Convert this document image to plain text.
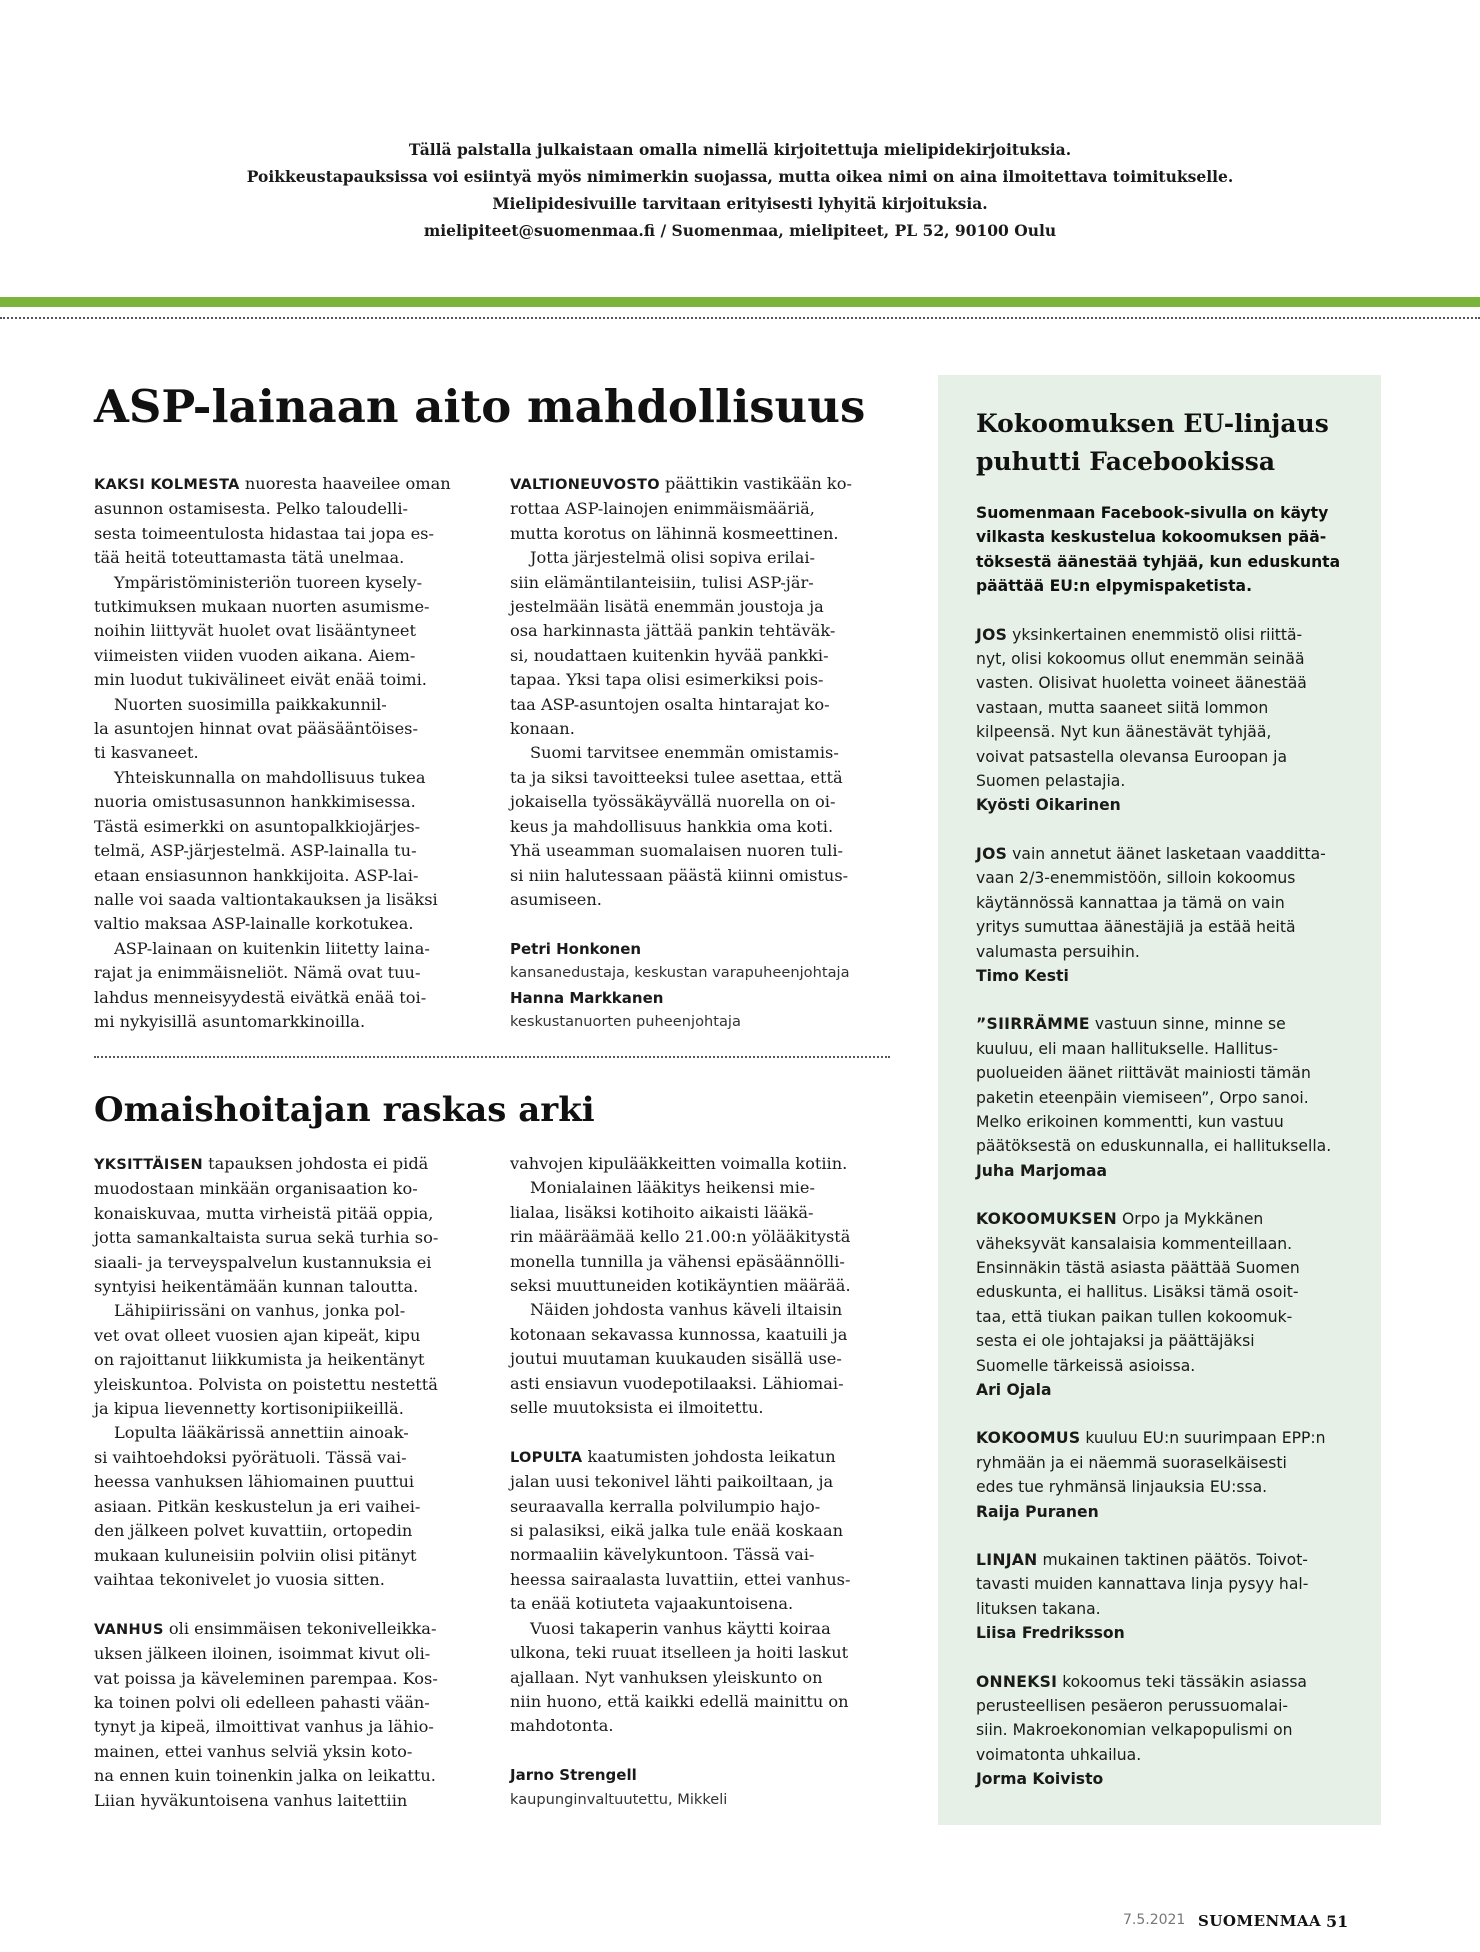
Tällä palstalla julkaistaan omalla nimellä kirjoitettuja mielipidekirjoituksia.
Poikkeustapauksissa voi esiintyä myös nimimerkin suojassa, mutta oikea nimi on aina ilmoitettava toimitukselle.
Mielipidesivuille tarvitaan erityisesti lyhyitä kirjoituksia.
mielipiteet@suomenmaa.fi / Suomenmaa, mielipiteet, PL 52, 90100 Oulu
ASP-lainaan aito mahdollisuus

KAKSI KOLMESTA nuoresta haaveilee oman

asunnon ostamisesta. Pelko taloudelli-

sesta toimeentulosta hidastaa tai jopa es-

tää heitä toteuttamasta tätä unelmaa.

Ympäristöministeriön tuoreen kysely-

tutkimuksen mukaan nuorten asumisme-

noihin liittyvät huolet ovat lisääntyneet

viimeisten viiden vuoden aikana. Aiem-

min luodut tukivälineet eivät enää toimi.

Nuorten suosimilla paikkakunnil-

la asuntojen hinnat ovat pääsääntöises-

ti kasvaneet.

Yhteiskunnalla on mahdollisuus tukea

nuoria omistusasunnon hankkimisessa.

Tästä esimerkki on asuntopalkkiojärjes-

telmä, ASP-järjestelmä. ASP-lainalla tu-

etaan ensiasunnon hankkijoita. ASP-lai-

nalle voi saada valtiontakauksen ja lisäksi

valtio maksaa ASP-lainalle korkotukea.

ASP-lainaan on kuitenkin liitetty laina-

rajat ja enimmäisneliöt. Nämä ovat tuu-

lahdus menneisyydestä eivätkä enää toi-

mi nykyisillä asuntomarkkinoilla.

VALTIONEUVOSTO päättikin vastikään ko-

rottaa ASP-lainojen enimmäismääriä,

mutta korotus on lähinnä kosmeettinen.

Jotta järjestelmä olisi sopiva erilai-

siin elämäntilanteisiin, tulisi ASP-jär-

jestelmään lisätä enemmän joustoja ja

osa harkinnasta jättää pankin tehtäväk-

si, noudattaen kuitenkin hyvää pankki-

tapaa. Yksi tapa olisi esimerkiksi pois-

taa ASP-asuntojen osalta hintarajat ko-

konaan.

Suomi tarvitsee enemmän omistamis-

ta ja siksi tavoitteeksi tulee asettaa, että

jokaisella työssäkäyvällä nuorella on oi-

keus ja mahdollisuus hankkia oma koti.

Yhä useamman suomalaisen nuoren tuli-

si niin halutessaan päästä kiinni omistus-

asumiseen.

Petri Honkonen

kansanedustaja, keskustan varapuheenjohtaja

Hanna Markkanen

keskustanuorten puheenjohtaja

Omaishoitajan raskas arki

YKSITTÄISEN tapauksen johdosta ei pidä

muodostaan minkään organisaation ko-

konaiskuvaa, mutta virheistä pitää oppia,

jotta samankaltaista surua sekä turhia so-

siaali- ja terveyspalvelun kustannuksia ei

syntyisi heikentämään kunnan taloutta.

Lähipiirissäni on vanhus, jonka pol-

vet ovat olleet vuosien ajan kipeät, kipu

on rajoittanut liikkumista ja heikentänyt

yleiskuntoa. Polvista on poistettu nestettä

ja kipua lievennetty kortisonipiikeillä.

Lopulta lääkärissä annettiin ainoak-

si vaihtoehdoksi pyörätuoli. Tässä vai-

heessa vanhuksen lähiomainen puuttui

asiaan. Pitkän keskustelun ja eri vaihei-

den jälkeen polvet kuvattiin, ortopedin

mukaan kuluneisiin polviin olisi pitänyt

vaihtaa tekonivelet jo vuosia sitten.

VANHUS oli ensimmäisen tekonivelleikka-

uksen jälkeen iloinen, isoimmat kivut oli-

vat poissa ja käveleminen parempaa. Kos-

ka toinen polvi oli edelleen pahasti vään-

tynyt ja kipeä, ilmoittivat vanhus ja lähio-

mainen, ettei vanhus selviä yksin koto-

na ennen kuin toinenkin jalka on leikattu.

Liian hyväkuntoisena vanhus laitettiin

vahvojen kipulääkkeitten voimalla kotiin.

Monialainen lääkitys heikensi mie-

lialaa, lisäksi kotihoito aikaisti lääkä-

rin määräämää kello 21.00:n yölääkitystä

monella tunnilla ja vähensi epäsäännölli-

seksi muuttuneiden kotikäyntien määrää.

Näiden johdosta vanhus käveli iltaisin

kotonaan sekavassa kunnossa, kaatuili ja

joutui muutaman kuukauden sisällä use-

asti ensiavun vuodepotilaaksi. Lähiomai-

selle muutoksista ei ilmoitettu.

LOPULTA kaatumisten johdosta leikatun

jalan uusi tekonivel lähti paikoiltaan, ja

seuraavalla kerralla polvilumpio hajo-

si palasiksi, eikä jalka tule enää koskaan

normaaliin kävelykuntoon. Tässä vai-

heessa sairaalasta luvattiin, ettei vanhus-

ta enää kotiuteta vajaakuntoisena.

Vuosi takaperin vanhus käytti koiraa

ulkona, teki ruuat itselleen ja hoiti laskut

ajallaan. Nyt vanhuksen yleiskunto on

niin huono, että kaikki edellä mainittu on

mahdotonta.

Jarno Strengell

kaupunginvaltuutettu, Mikkeli

Kokoomuksen EU-linjaus
puhutti Facebookissa
Suomenmaan Facebook-sivulla on käyty
vilkasta keskustelua kokoomuksen pää-
töksestä äänestää tyhjää, kun eduskunta
päättää EU:n elpymispaketista.
JOS yksinkertainen enemmistö olisi riittä-
nyt, olisi kokoomus ollut enemmän seinää
vasten. Olisivat huoletta voineet äänestää
vastaan, mutta saaneet siitä lommon
kilpeensä. Nyt kun äänestävät tyhjää,
voivat patsastella olevansa Euroopan ja
Suomen pelastajia.
Kyösti Oikarinen
JOS vain annetut äänet lasketaan vaadditta-
vaan 2/3-enemmistöön, silloin kokoomus
käytännössä kannattaa ja tämä on vain
yritys sumuttaa äänestäjiä ja estää heitä
valumasta persuihin.
Timo Kesti
”SIIRRÄMME vastuun sinne, minne se
kuuluu, eli maan hallitukselle. Hallitus-
puolueiden äänet riittävät mainiosti tämän
paketin eteenpäin viemiseen”, Orpo sanoi.
Melko erikoinen kommentti, kun vastuu
päätöksestä on eduskunnalla, ei hallituksella.
Juha Marjomaa
KOKOOMUKSEN Orpo ja Mykkänen
väheksyvät kansalaisia kommenteillaan.
Ensinnäkin tästä asiasta päättää Suomen
eduskunta, ei hallitus. Lisäksi tämä osoit-
taa, että tiukan paikan tullen kokoomuk-
sesta ei ole johtajaksi ja päättäjäksi
Suomelle tärkeissä asioissa.
Ari Ojala
KOKOOMUS kuuluu EU:n suurimpaan EPP:n
ryhmään ja ei näemmä suoraselkäisesti
edes tue ryhmänsä linjauksia EU:ssa.
Raija Puranen
LINJAN mukainen taktinen päätös. Toivot-
tavasti muiden kannattava linja pysyy hal-
lituksen takana.
Liisa Fredriksson
ONNEKSI kokoomus teki tässäkin asiassa
perusteellisen pesäeron perussuomalai-
siin. Makroekonomian velkapopulismi on
voimatonta uhkailua.
Jorma Koivisto
7.5.2021 SUOMENMAA 51
